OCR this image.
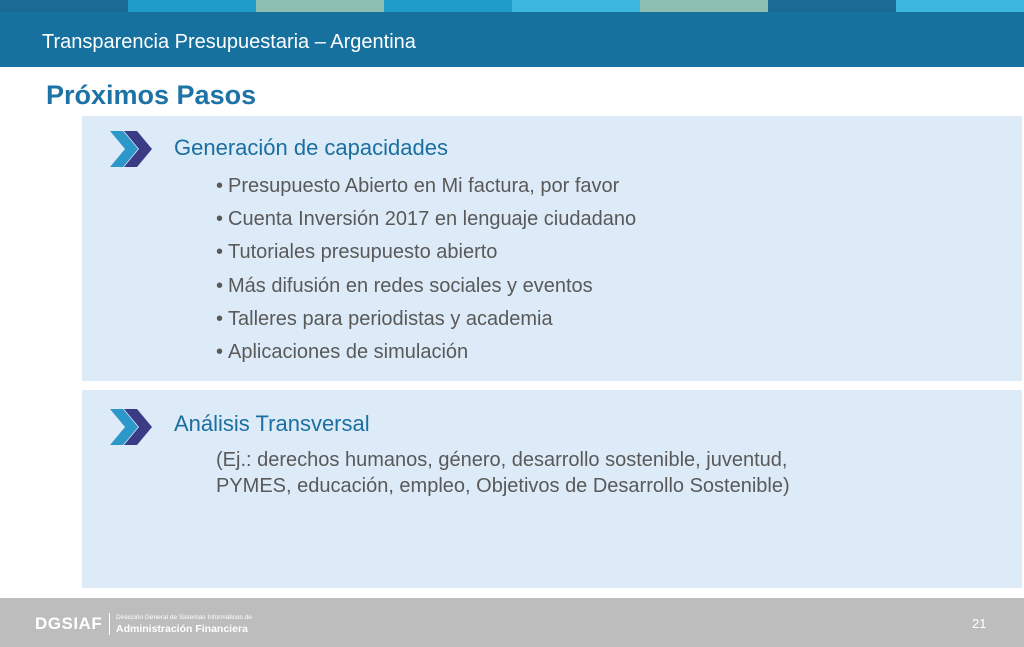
Transparencia Presupuestaria – Argentina
Próximos Pasos
Generación de capacidades
• Presupuesto Abierto en Mi factura, por favor
• Cuenta Inversión 2017 en lenguaje ciudadano
• Tutoriales presupuesto abierto
• Más difusión en redes sociales y eventos
• Talleres para periodistas y academia
• Aplicaciones de simulación
Análisis Transversal
(Ej.: derechos humanos, género, desarrollo sostenible, juventud, PYMES, educación, empleo, Objetivos de Desarrollo Sostenible)
DGSIAF Dirección General de Sistemas Informáticos de
Administración Financiera	21
